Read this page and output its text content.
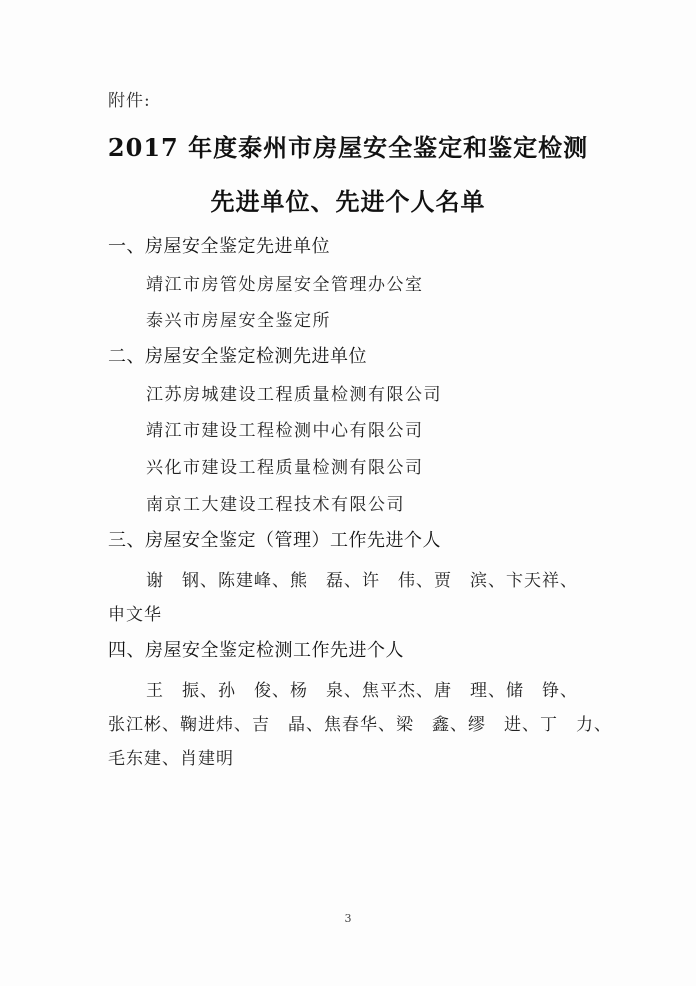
附件:
2017 年度泰州市房屋安全鉴定和鉴定检测
先进单位、先进个人名单
一、房屋安全鉴定先进单位
靖江市房管处房屋安全管理办公室
泰兴市房屋安全鉴定所
二、房屋安全鉴定检测先进单位
江苏房城建设工程质量检测有限公司
靖江市建设工程检测中心有限公司
兴化市建设工程质量检测有限公司
南京工大建设工程技术有限公司
三、房屋安全鉴定（管理）工作先进个人
谢　钢、陈建峰、熊　磊、许　伟、贾　滨、卞天祥、
申文华
四、房屋安全鉴定检测工作先进个人
王　振、孙　俊、杨　泉、焦平杰、唐　理、储　铮、
张江彬、鞠进炜、吉　晶、焦春华、梁　鑫、缪　进、丁　力、
毛东建、肖建明
3
